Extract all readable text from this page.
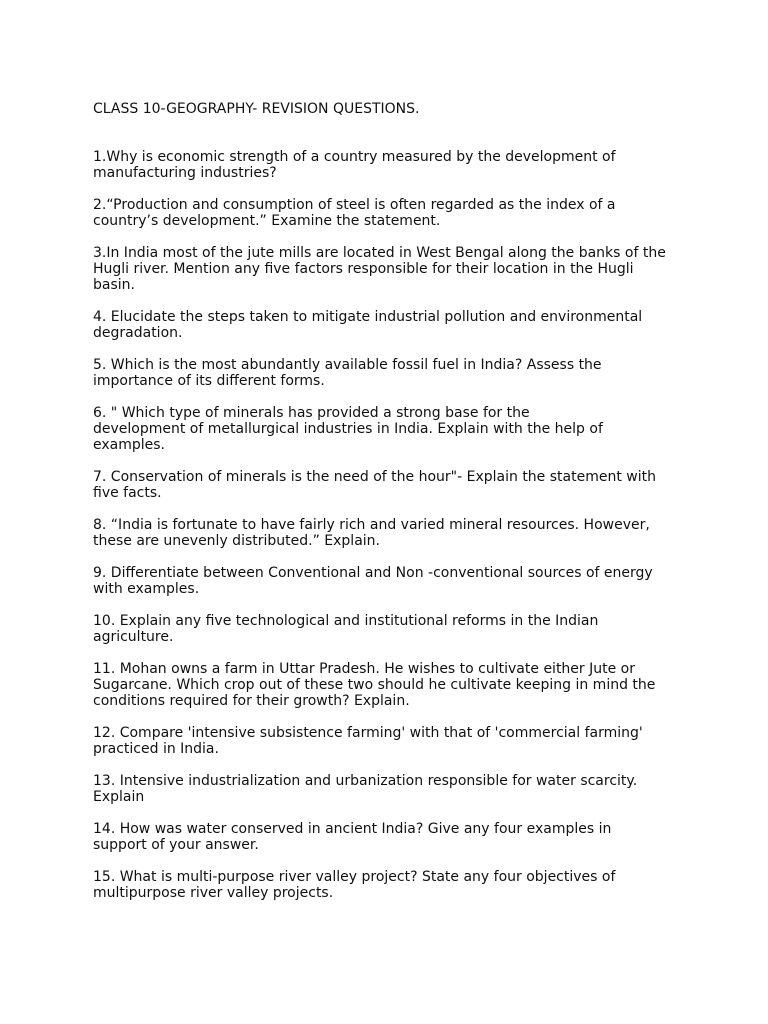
CLASS 10-GEOGRAPHY- REVISION QUESTIONS.
1.Why is economic strength of a country measured by the development of
manufacturing industries?
2.“Production and consumption of steel is often regarded as the index of a
country’s development.” Examine the statement.
3.In India most of the jute mills are located in West Bengal along the banks of the
Hugli river. Mention any five factors responsible for their location in the Hugli
basin.
4. Elucidate the steps taken to mitigate industrial pollution and environmental
degradation.
5. Which is the most abundantly available fossil fuel in India? Assess the
importance of its different forms.
6. " Which type of minerals has provided a strong base for the
development of metallurgical industries in India. Explain with the help of
examples.
7. Conservation of minerals is the need of the hour"- Explain the statement with
five facts.
8. “India is fortunate to have fairly rich and varied mineral resources. However,
these are unevenly distributed.” Explain.
9. Differentiate between Conventional and Non -conventional sources of energy
with examples.
10. Explain any five technological and institutional reforms in the Indian
agriculture.
11. Mohan owns a farm in Uttar Pradesh. He wishes to cultivate either Jute or
Sugarcane. Which crop out of these two should he cultivate keeping in mind the
conditions required for their growth? Explain.
12. Compare 'intensive subsistence farming' with that of 'commercial farming'
practiced in India.
13. Intensive industrialization and urbanization responsible for water scarcity.
Explain
14. How was water conserved in ancient India? Give any four examples in
support of your answer.
15. What is multi-purpose river valley project? State any four objectives of
multipurpose river valley projects.
